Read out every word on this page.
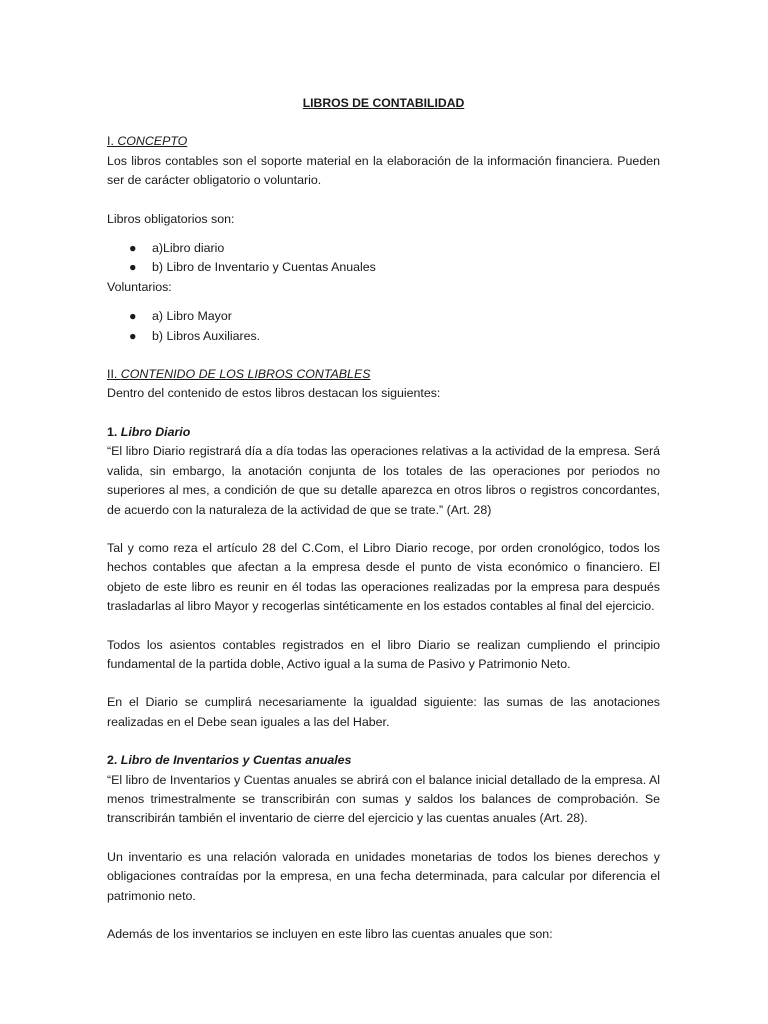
LIBROS DE CONTABILIDAD
I. CONCEPTO

Los libros contables son el soporte material en la elaboración de la información financiera. Pueden ser de carácter obligatorio o voluntario.

Libros obligatorios son:

● a)Libro diario
● b) Libro de Inventario y Cuentas Anuales

Voluntarios:

● a) Libro Mayor
● b) Libros Auxiliares.
II. CONTENIDO DE LOS LIBROS CONTABLES

Dentro del contenido de estos libros destacan los siguientes:

1. Libro Diario

“El libro Diario registrará día a día todas las operaciones relativas a la actividad de la empresa. Será valida, sin embargo, la anotación conjunta de los totales de las operaciones por periodos no superiores al mes, a condición de que su detalle aparezca en otros libros o registros concordantes, de acuerdo con la naturaleza de la actividad de que se trate.” (Art. 28)

Tal y como reza el artículo 28 del C.Com, el Libro Diario recoge, por orden cronológico, todos los hechos contables que afectan a la empresa desde el punto de vista económico o financiero. El objeto de este libro es reunir en él todas las operaciones realizadas por la empresa para después trasladarlas al libro Mayor y recogerlas sintéticamente en los estados contables al final del ejercicio.

Todos los asientos contables registrados en el libro Diario se realizan cumpliendo el principio fundamental de la partida doble, Activo igual a la suma de Pasivo y Patrimonio Neto.

En el Diario se cumplirá necesariamente la igualdad siguiente: las sumas de las anotaciones realizadas en el Debe sean iguales a las del Haber.

2. Libro de Inventarios y Cuentas anuales

“El libro de Inventarios y Cuentas anuales se abrirá con el balance inicial detallado de la empresa. Al menos trimestralmente se transcribirán con sumas y saldos los balances de comprobación. Se transcribirán también el inventario de cierre del ejercicio y las cuentas anuales (Art. 28).

Un inventario es una relación valorada en unidades monetarias de todos los bienes derechos y obligaciones contraídas por la empresa, en una fecha determinada, para calcular por diferencia el patrimonio neto.

Además de los inventarios se incluyen en este libro las cuentas anuales que son:
